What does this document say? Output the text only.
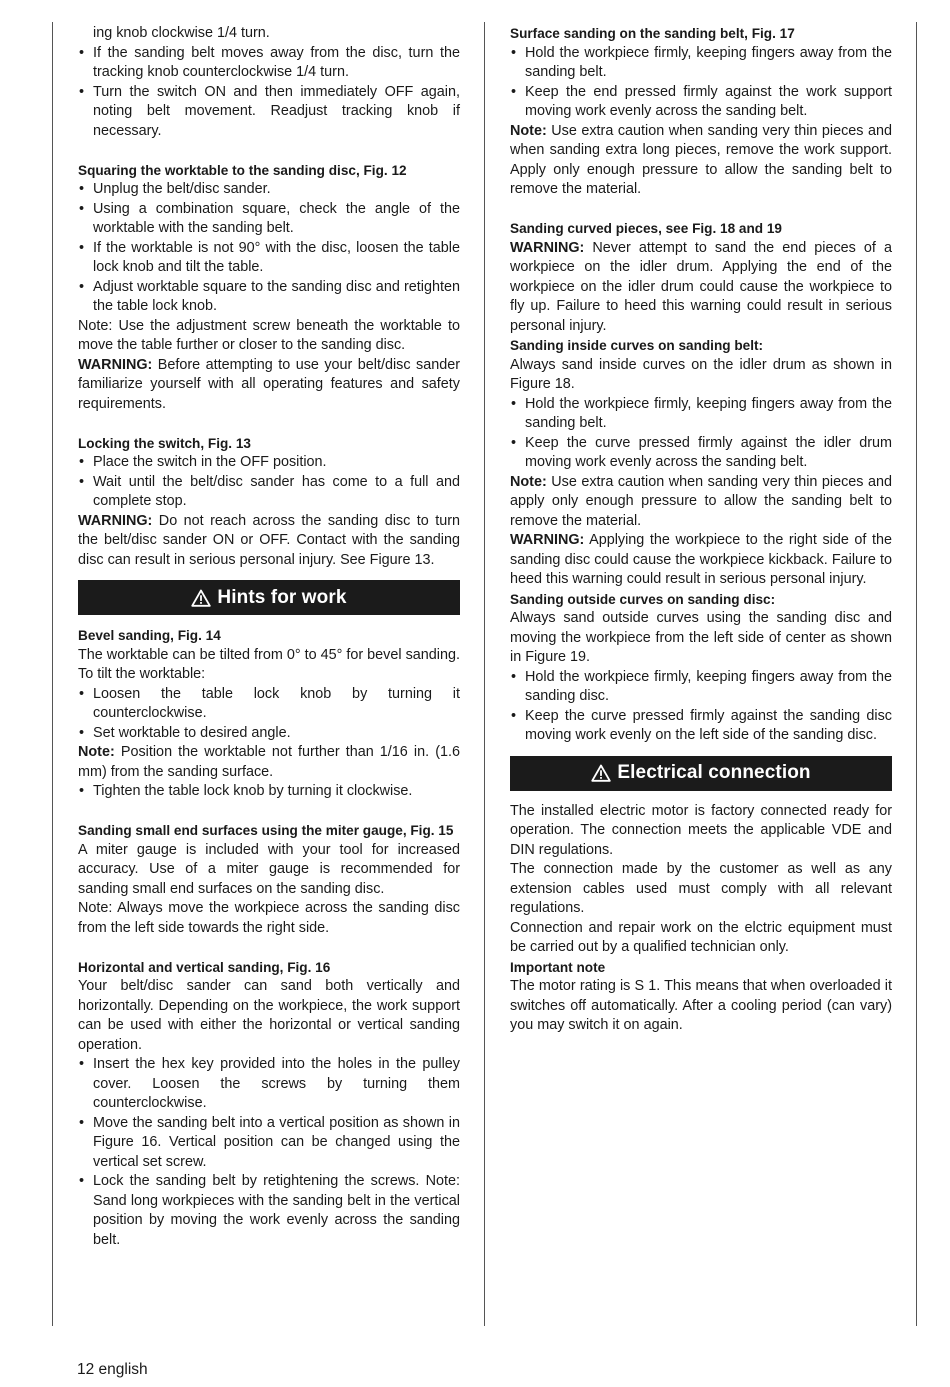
ing knob clockwise 1/4 turn.

• If the sanding belt moves away from the disc, turn the tracking knob counterclockwise 1/4 turn.
• Turn the switch ON and then immediately OFF again, noting belt movement. Readjust tracking knob if necessary.

Squaring the worktable to the sanding disc, Fig. 12

• Unplug the belt/disc sander.
• Using a combination square, check the angle of the worktable with the sanding belt.
• If the worktable is not 90° with the disc, loosen the table lock knob and tilt the table.
• Adjust worktable square to the sanding disc and retighten the table lock knob.

Note: Use the adjustment screw beneath the worktable to move the table further or closer to the sanding disc.

WARNING: Before attempting to use your belt/disc sander familiarize yourself with all operating features and safety requirements.

Locking the switch, Fig. 13

• Place the switch in the OFF position.
• Wait until the belt/disc sander has come to a full and complete stop.

WARNING: Do not reach across the sanding disc to turn the belt/disc sander ON or OFF. Contact with the sanding disc can result in serious personal injury. See Figure 13.

Hints for work

Bevel sanding, Fig. 14

The worktable can be tilted from 0° to 45° for bevel sanding. To tilt the worktable:

• Loosen the table lock knob by turning it counterclockwise.
• Set worktable to desired angle.

Note: Position the worktable not further than 1/16 in. (1.6 mm) from the sanding surface.

• Tighten the table lock knob by turning it clockwise.

Sanding small end surfaces using the miter gauge, Fig. 15

A miter gauge is included with your tool for increased accuracy. Use of a miter gauge is recommended for sanding small end surfaces on the sanding disc.

Note: Always move the workpiece across the sanding disc from the left side towards the right side.

Horizontal and vertical sanding, Fig. 16

Your belt/disc sander can sand both vertically and horizontally. Depending on the workpiece, the work support can be used with either the horizontal or vertical sanding operation.

• Insert the hex key provided into the holes in the pulley cover. Loosen the screws by turning them counterclockwise.
• Move the sanding belt into a vertical position as shown in Figure 16. Vertical position can be changed using the vertical set screw.
• Lock the sanding belt by retightening the screws. Note: Sand long workpieces with the sanding belt in the vertical position by moving the work evenly across the sanding belt.

Surface sanding on the sanding belt, Fig. 17

• Hold the workpiece firmly, keeping fingers away from the sanding belt.
• Keep the end pressed firmly against the work support moving work evenly across the sanding belt.

Note: Use extra caution when sanding very thin pieces and when sanding extra long pieces, remove the work support. Apply only enough pressure to allow the sanding belt to remove the material.

Sanding curved pieces, see Fig. 18 and 19

WARNING: Never attempt to sand the end pieces of a workpiece on the idler drum. Applying the end of the workpiece on the idler drum could cause the workpiece to fly up. Failure to heed this warning could result in serious personal injury.

Sanding inside curves on sanding belt:

Always sand inside curves on the idler drum as shown in Figure 18.

• Hold the workpiece firmly, keeping fingers away from the sanding belt.
• Keep the curve pressed firmly against the idler drum moving work evenly across the sanding belt.

Note: Use extra caution when sanding very thin pieces and apply only enough pressure to allow the sanding belt to remove the material.

WARNING: Applying the workpiece to the right side of the sanding disc could cause the workpiece kickback. Failure to heed this warning could result in serious personal injury.

Sanding outside curves on sanding disc:

Always sand outside curves using the sanding disc and moving the workpiece from the left side of center as shown in Figure 19.

• Hold the workpiece firmly, keeping fingers away from the sanding disc.
• Keep the curve pressed firmly against the sanding disc moving work evenly on the left side of the sanding disc.
Electrical connection

The installed electric motor is factory connected ready for operation. The connection meets the applicable VDE and DIN regulations.

The connection made by the customer as well as any extension cables used must comply with all relevant regulations.

Connection and repair work on the elctric equipment must be carried out by a qualified technician only.

Important note

The motor rating is S 1. This means that when overloaded it switches off automatically. After a cooling period (can vary) you may switch it on again.

12 english
